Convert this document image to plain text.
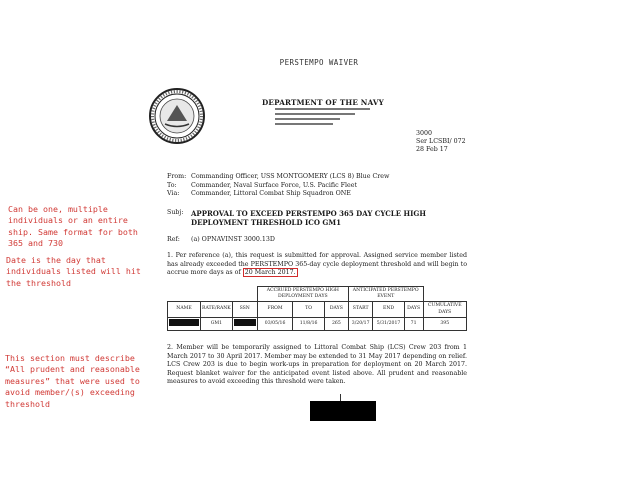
PERSTEMPO WAIVER
Can be one, multiple
individuals or an entire
ship. Same format for both
365 and 730
Date is the day that
individuals listed will hit
the threshold
This section must describe
“All prudent and reasonable
measures” that were used to
avoid member/(s) exceeding
threshold
DEPARTMENT OF THE NAVY
3000
Ser LCSBI/ 072
28 Feb 17
From: Commanding Officer, USS MONTGOMERY (LCS 8) Blue Crew
To:	Commander, Naval Surface Force, U.S. Pacific Fleet
Via:	Commander, Littoral Combat Ship Squadron ONE
Subj:	APPROVAL TO EXCEED PERSTEMPO 365 DAY CYCLE HIGH DEPLOYMENT THRESHOLD ICO GM1
Ref:	(a) OPNAVINST 3000.13D
1. Per reference (a), this request is submitted for approval. Assigned service member listed has already exceeded the PERSTEMPO 365-day cycle deployment threshold and will begin to accrue more days as of 20 March 2017.
			ACCRUED PERSTEMPO HIGH DEPLOYMENT DAYS			ANTICIPATED PERSTEMPO EVENT			
NAME	RATE/RANK	SSN	FROM	TO	DAYS	START	END	DAYS	CUMULATIVE DAYS
	GM1		03/05/16	11/8/16	265	3/20/17	5/31/2017	71	395
2. Member will be temporarily assigned to Littoral Combat Ship (LCS) Crew 203 from 1 March 2017 to 30 April 2017. Member may be extended to 31 May 2017 depending on relief. LCS Crew 203 is due to begin work-ups in preparation for deployment on 20 March 2017. Request blanket waiver for the anticipated event listed above. All prudent and reasonable measures to avoid exceeding this threshold were taken.
